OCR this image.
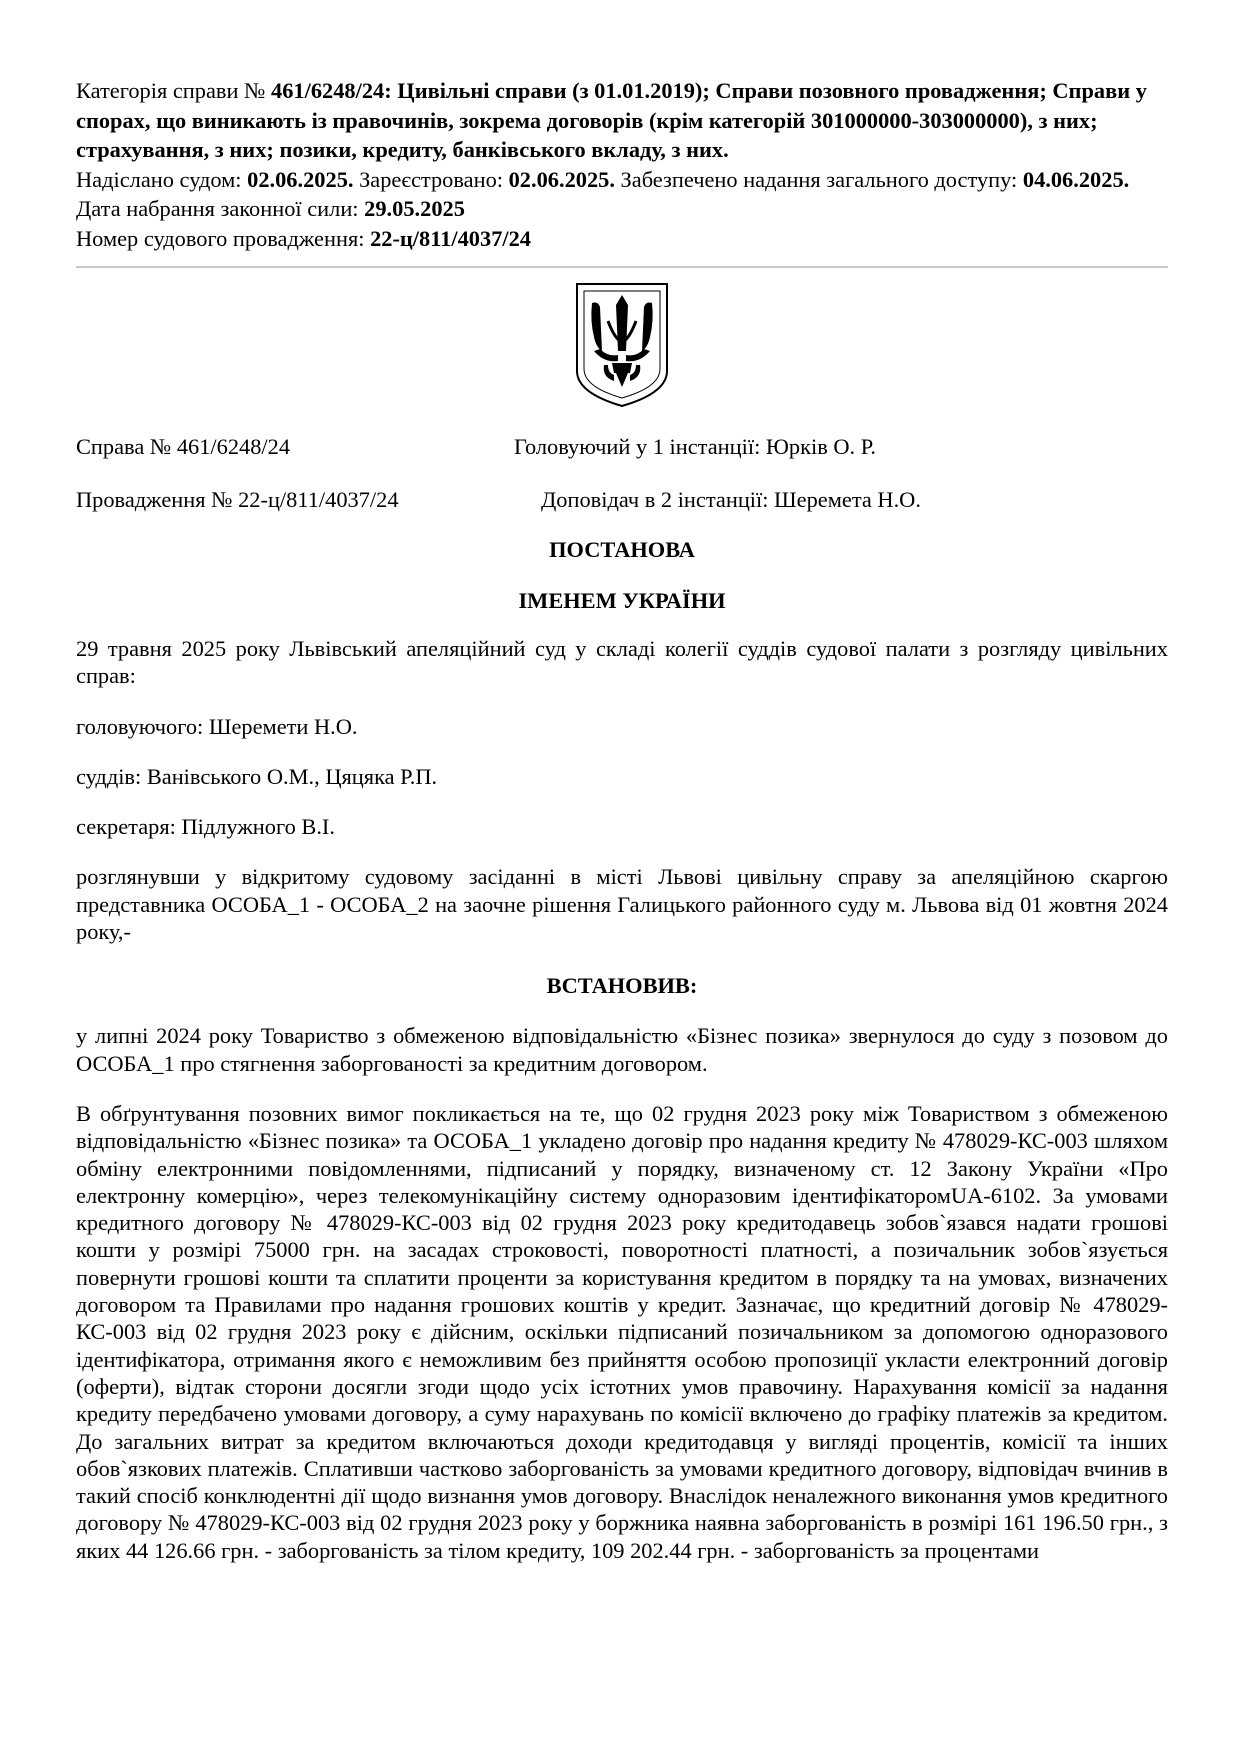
Категорія справи № 461/6248/24: Цивільні справи (з 01.01.2019); Справи позовного провадження; Справи у спорах, що виникають із правочинів, зокрема договорів (крім категорій 301000000-303000000), з них; страхування, з них; позики, кредиту, банківського вкладу, з них.
Надіслано судом: 02.06.2025. Зареєстровано: 02.06.2025. Забезпечено надання загального доступу: 04.06.2025.
Дата набрання законної сили: 29.05.2025
Номер судового провадження: 22-ц/811/4037/24
Справа № 461/6248/24	Головуючий у 1 інстанції: Юрків О. Р.
Провадження № 22-ц/811/4037/24	Доповідач в 2 інстанції: Шеремета Н.О.
ПОСТАНОВА
ІМЕНЕМ УКРАЇНИ

29 травня 2025 року Львівський апеляційний суд у складі колегії суддів судової палати з розгляду цивільних справ:

головуючого: Шеремети Н.О.

суддів: Ванівського О.М., Цяцяка Р.П.

секретаря: Підлужного В.І.

розглянувши у відкритому судовому засіданні в місті Львові цивільну справу за апеляційною скаргою представника ОСОБА_1 - ОСОБА_2 на заочне рішення Галицького районного суду м. Львова від 01 жовтня 2024 року,-

ВСТАНОВИВ:

у липні 2024 року Товариство з обмеженою відповідальністю «Бізнес позика» звернулося до суду з позовом до ОСОБА_1 про стягнення заборгованості за кредитним договором.

В обґрунтування позовних вимог покликається на те, що 02 грудня 2023 року між Товариством з обмеженою відповідальністю «Бізнес позика» та ОСОБА_1 укладено договір про надання кредиту № 478029-КС-003 шляхом обміну електронними повідомленнями, підписаний у порядку, визначеному ст. 12 Закону України «Про електронну комерцію», через телекомунікаційну систему одноразовим ідентифікаторомUA-6102. За умовами кредитного договору № 478029-КС-003 від 02 грудня 2023 року кредитодавець зобов`язався надати грошові кошти у розмірі 75000 грн. на засадах строковості, поворотності платності, а позичальник зобов`язується повернути грошові кошти та сплатити проценти за користування кредитом в порядку та на умовах, визначених договором та Правилами про надання грошових коштів у кредит. Зазначає, що кредитний договір № 478029-КС-003 від 02 грудня 2023 року є дійсним, оскільки підписаний позичальником за допомогою одноразового ідентифікатора, отримання якого є неможливим без прийняття особою пропозиції укласти електронний договір (оферти), відтак сторони досягли згоди щодо усіх істотних умов правочину. Нарахування комісії за надання кредиту передбачено умовами договору, а суму нарахувань по комісії включено до графіку платежів за кредитом. До загальних витрат за кредитом включаються доходи кредитодавця у вигляді процентів, комісії та інших обов`язкових платежів. Сплативши частково заборгованість за умовами кредитного договору, відповідач вчинив в такий спосіб конклюдентні дії щодо визнання умов договору. Внаслідок неналежного виконання умов кредитного договору № 478029-КС-003 від 02 грудня 2023 року у боржника наявна заборгованість в розмірі 161 196.50 грн., з яких 44 126.66 грн. - заборгованість за тілом кредиту, 109 202.44 грн. - заборгованість за процентами
